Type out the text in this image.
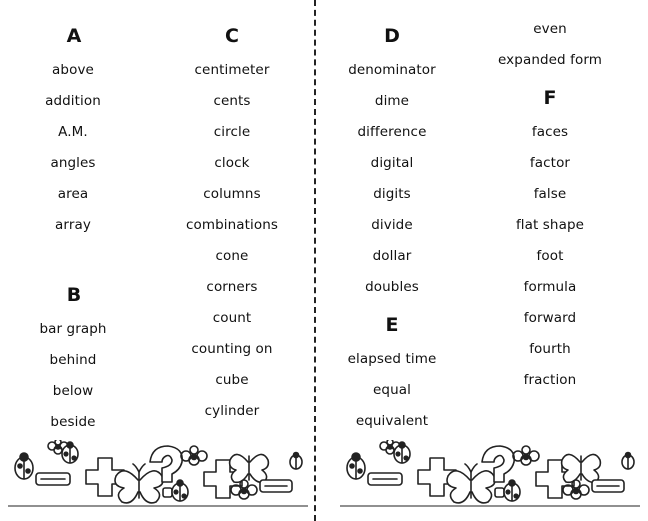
A
above
addition
A.M.
angles
area
array
B
bar graph
behind
below
beside
C
centimeter
cents
circle
clock
columns
combinations
cone
corners
count
counting on
cube
cylinder
D
denominator
dime
difference
digital
digits
divide
dollar
doubles
E
elapsed time
equal
equivalent
even
expanded form
F
faces
factor
false
flat shape
foot
formula
forward
fourth
fraction
